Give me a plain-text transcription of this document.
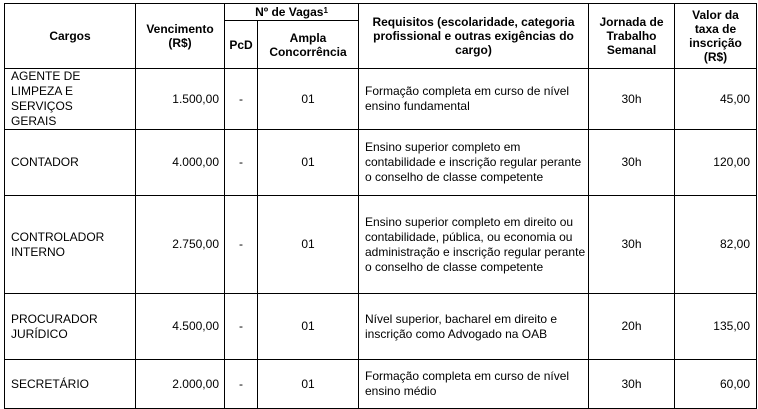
Cargos	Vencimento (R$)	Nº de Vagas$^1$		Requisitos (escolaridade, categoria profissional e outras exigências do cargo)	Jornada de Trabalho Semanal	Valor da taxa de inscrição (R$)
		PcD	Ampla Concorrência			
AGENTE DE LIMPEZA E SERVIÇOS GERAIS	1.500,00	-	01	Formação completa em curso de nível ensino fundamental	30h	45,00
CONTADOR	4.000,00	-	01	Ensino superior completo em contabilidade e inscrição regular perante o conselho de classe competente	30h	120,00
CONTROLADOR INTERNO	2.750,00	-	01	Ensino superior completo em direito ou contabilidade, pública, ou economia ou administração e inscrição regular perante o conselho de classe competente	30h	82,00
PROCURADOR JURÍDICO	4.500,00	-	01	Nível superior, bacharel em direito e inscrição como Advogado na OAB	20h	135,00
SECRETÁRIO	2.000,00	-	01	Formação completa em curso de nível ensino médio	30h	60,00
